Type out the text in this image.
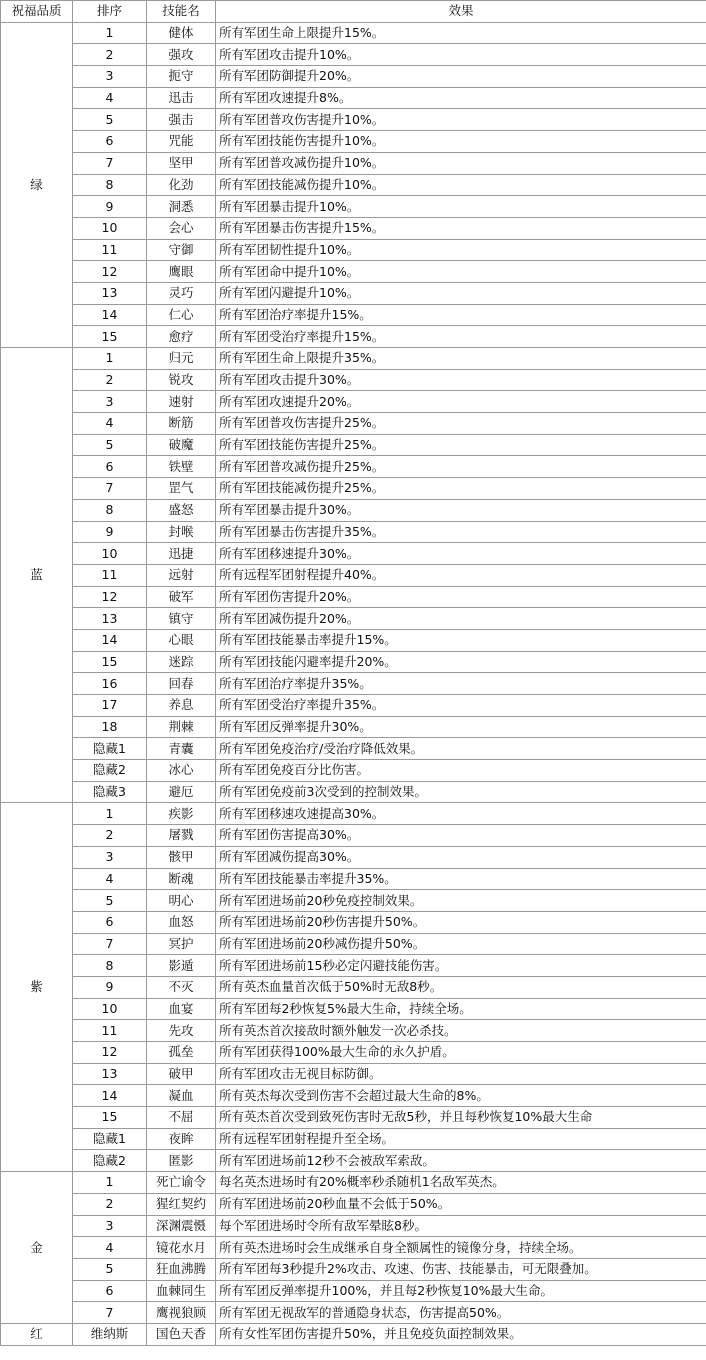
祝福品质	排序	技能名	效果
绿	1	健体	所有军团生命上限提升15%。
	2	强攻	所有军团攻击提升10%。
	3	扼守	所有军团防御提升20%。
	4	迅击	所有军团攻速提升8%。
	5	强击	所有军团普攻伤害提升10%。
	6	咒能	所有军团技能伤害提升10%。
	7	坚甲	所有军团普攻减伤提升10%。
	8	化劲	所有军团技能减伤提升10%。
	9	洞悉	所有军团暴击提升10%。
	10	会心	所有军团暴击伤害提升15%。
	11	守御	所有军团韧性提升10%。
	12	鹰眼	所有军团命中提升10%。
	13	灵巧	所有军团闪避提升10%。
	14	仁心	所有军团治疗率提升15%。
	15	愈疗	所有军团受治疗率提升15%。
蓝	1	归元	所有军团生命上限提升35%。
	2	锐攻	所有军团攻击提升30%。
	3	速射	所有军团攻速提升20%。
	4	断筋	所有军团普攻伤害提升25%。
	5	破魔	所有军团技能伤害提升25%。
	6	铁壁	所有军团普攻减伤提升25%。
	7	罡气	所有军团技能减伤提升25%。
	8	盛怒	所有军团暴击提升30%。
	9	封喉	所有军团暴击伤害提升35%。
	10	迅捷	所有军团移速提升30%。
	11	远射	所有远程军团射程提升40%。
	12	破军	所有军团伤害提升20%。
	13	镇守	所有军团减伤提升20%。
	14	心眼	所有军团技能暴击率提升15%。
	15	迷踪	所有军团技能闪避率提升20%。
	16	回春	所有军团治疗率提升35%。
	17	养息	所有军团受治疗率提升35%。
	18	荆棘	所有军团反弹率提升30%。
	隐藏1	青囊	所有军团免疫治疗/受治疗降低效果。
	隐藏2	冰心	所有军团免疫百分比伤害。
	隐藏3	避厄	所有军团免疫前3次受到的控制效果。
紫	1	疾影	所有军团移速攻速提高30%。
	2	屠戮	所有军团伤害提高30%。
	3	骸甲	所有军团减伤提高30%。
	4	断魂	所有军团技能暴击率提升35%。
	5	明心	所有军团进场前20秒免疫控制效果。
	6	血怒	所有军团进场前20秒伤害提升50%。
	7	冥护	所有军团进场前20秒减伤提升50%。
	8	影遁	所有军团进场前15秒必定闪避技能伤害。
	9	不灭	所有英杰血量首次低于50%时无敌8秒。
	10	血宴	所有军团每2秒恢复5%最大生命，持续全场。
	11	先攻	所有英杰首次接敌时额外触发一次必杀技。
	12	孤垒	所有军团获得100%最大生命的永久护盾。
	13	破甲	所有军团攻击无视目标防御。
	14	凝血	所有英杰每次受到伤害不会超过最大生命的8%。
	15	不屈	所有英杰首次受到致死伤害时无敌5秒，并且每秒恢复10%最大生命
	隐藏1	夜眸	所有远程军团射程提升至全场。
	隐藏2	匿影	所有军团进场前12秒不会被敌军索敌。
金	1	死亡谕令	每名英杰进场时有20%概率秒杀随机1名敌军英杰。
	2	猩红契约	所有军团进场前20秒血量不会低于50%。
	3	深渊震慑	每个军团进场时令所有敌军晕眩8秒。
	4	镜花水月	所有英杰进场时会生成继承自身全额属性的镜像分身，持续全场。
	5	狂血沸腾	所有军团每3秒提升2%攻击、攻速、伤害、技能暴击，可无限叠加。
	6	血棘同生	所有军团反弹率提升100%，并且每2秒恢复10%最大生命。
	7	鹰视狼顾	所有军团无视敌军的普通隐身状态，伤害提高50%。
红	维纳斯	国色天香	所有女性军团伤害提升50%，并且免疫负面控制效果。
